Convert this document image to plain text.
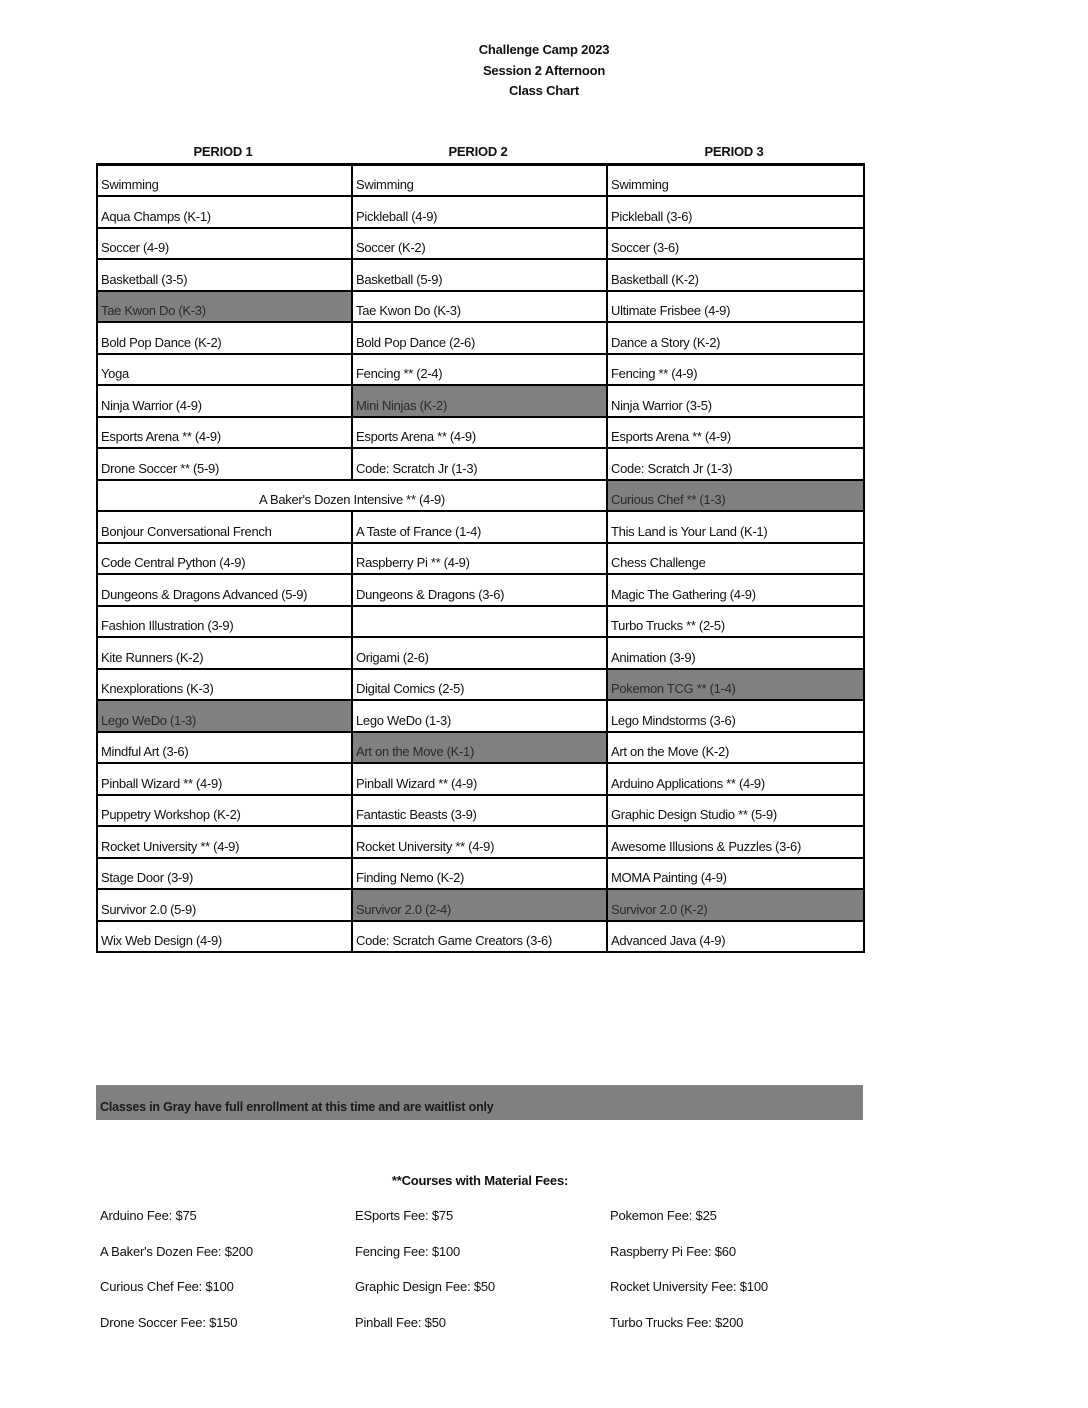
Challenge Camp 2023
Session 2 Afternoon
Class Chart
PERIOD 1	PERIOD 2	PERIOD 3
Swimming	Swimming	Swimming
Aqua Champs (K-1)	Pickleball (4-9)	Pickleball (3-6)
Soccer (4-9)	Soccer (K-2)	Soccer (3-6)
Basketball (3-5)	Basketball (5-9)	Basketball (K-2)
Tae Kwon Do (K-3)	Tae Kwon Do (K-3)	Ultimate Frisbee (4-9)
Bold Pop Dance (K-2)	Bold Pop Dance (2-6)	Dance a Story (K-2)
Yoga	Fencing ** (2-4)	Fencing ** (4-9)
Ninja Warrior (4-9)	Mini Ninjas (K-2)	Ninja Warrior (3-5)
Esports Arena ** (4-9)	Esports Arena ** (4-9)	Esports Arena ** (4-9)
Drone Soccer ** (5-9)	Code: Scratch Jr (1-3)	Code: Scratch Jr (1-3)
A Baker's Dozen Intensive ** (4-9)		Curious Chef ** (1-3)
Bonjour Conversational French	A Taste of France (1-4)	This Land is Your Land (K-1)
Code Central Python (4-9)	Raspberry Pi ** (4-9)	Chess Challenge
Dungeons & Dragons Advanced (5-9)	Dungeons & Dragons (3-6)	Magic The Gathering (4-9)
Fashion Illustration (3-9)		Turbo Trucks ** (2-5)
Kite Runners (K-2)	Origami (2-6)	Animation (3-9)
Knexplorations (K-3)	Digital Comics (2-5)	Pokemon TCG ** (1-4)
Lego WeDo (1-3)	Lego WeDo (1-3)	Lego Mindstorms (3-6)
Mindful Art (3-6)	Art on the Move (K-1)	Art on the Move (K-2)
Pinball Wizard ** (4-9)	Pinball Wizard ** (4-9)	Arduino Applications ** (4-9)
Puppetry Workshop (K-2)	Fantastic Beasts (3-9)	Graphic Design Studio ** (5-9)
Rocket University ** (4-9)	Rocket University ** (4-9)	Awesome Illusions & Puzzles (3-6)
Stage Door (3-9)	Finding Nemo (K-2)	MOMA Painting (4-9)
Survivor 2.0 (5-9)	Survivor 2.0 (2-4)	Survivor 2.0 (K-2)
Wix Web Design (4-9)	Code: Scratch Game Creators (3-6)	Advanced Java (4-9)
Classes in Gray have full enrollment at this time and are waitlist only
**Courses with Material Fees:
Arduino Fee: $75
A Baker's Dozen Fee: $200
Curious Chef Fee: $100
Drone Soccer Fee: $150
ESports Fee: $75
Fencing Fee: $100
Graphic Design Fee: $50
Pinball Fee: $50
Pokemon Fee: $25
Raspberry Pi Fee: $60
Rocket University Fee: $100
Turbo Trucks Fee: $200
